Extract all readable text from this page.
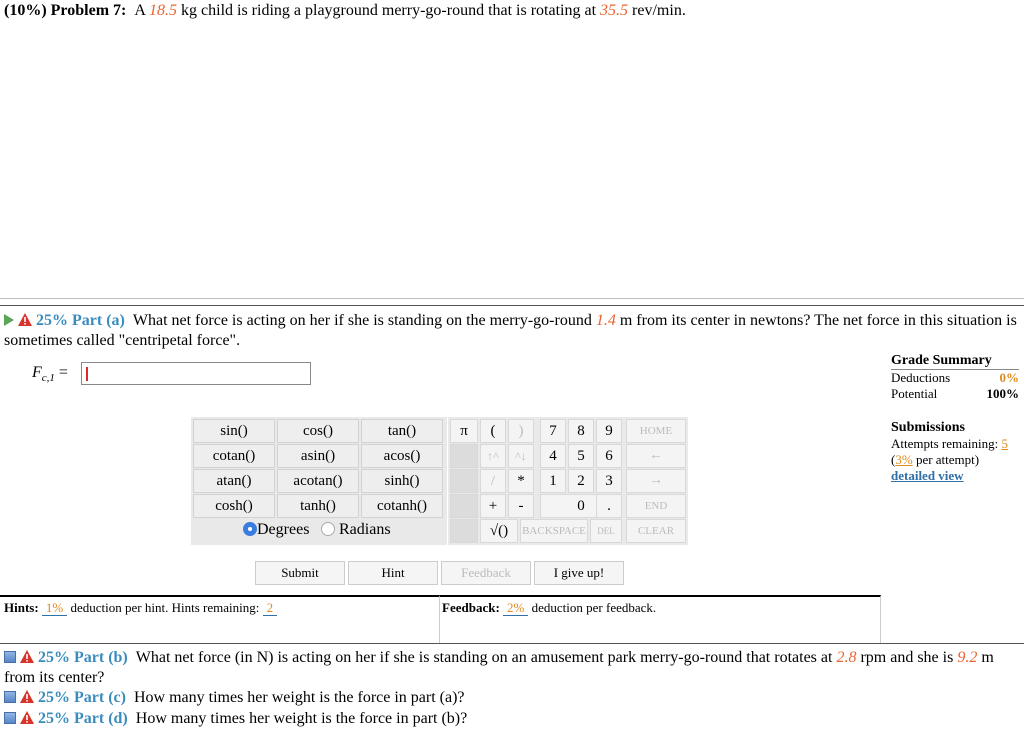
(10%) Problem 7: A 18.5 kg child is riding a playground merry-go-round that is rotating at 35.5 rev/min.
25% Part (a) What net force is acting on her if she is standing on the merry-go-round 1.4 m from its center in newtons? The net force in this situation is sometimes called "centripetal force".
$F_{c,1}$ =
Grade Summary
Deductions	0%
Potential	100%
Submissions
Attempts remaining: 5
(3% per attempt)
detailed view
sin()	cos()	tan()
cotan()	asin()	acos()
atan()	acotan()	sinh()
cosh()	tanh()	cotanh()
Degrees	Radians
π	(	)	7	8	9	HOME
↑^	^↓	4	5	6	←
/	*	1	2	3	→
+	-	0	.	END
√()	BACKSPACE	DEL	CLEAR
Submit	Hint	Feedback	I give up!
Hints: 1% deduction per hint. Hints remaining: 2	Feedback: 2% deduction per feedback.
25% Part (b) What net force (in N) is acting on her if she is standing on an amusement park merry-go-round that rotates at 2.8 rpm and she is 9.2 m from its center?
25% Part (c) How many times her weight is the force in part (a)?
25% Part (d) How many times her weight is the force in part (b)?
